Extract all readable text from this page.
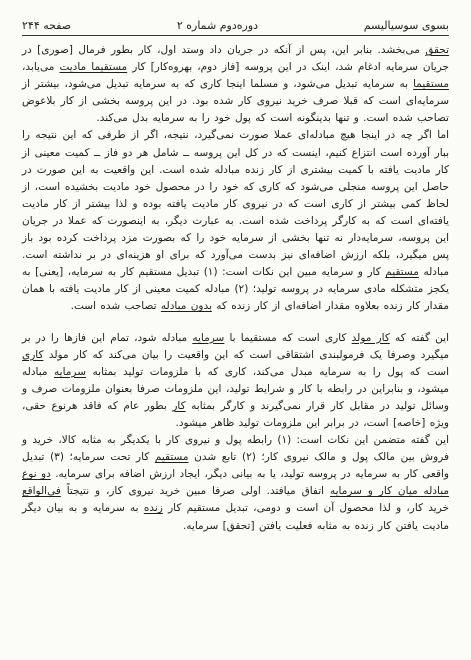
بسوی سوسیالیسم
دوره‌دوم شماره ۲
صفحه ۲۴۴

تحقق می‌بخشد. بنابر این، پس از آنکه در جریان داد وستد اول، کار بطور فرمال [صوری] در جریان سرمایه ادغام شد، اینک در این پروسه [فاز دوم، بهرو‌ه‌کار] کار مستقیما مادیت می‌یابد، مستقیما به سرمایه تبدیل می‌شود، و مسلما اینجا کاری که به سرمایه تبدیل می‌شود، بیشتر از سرمایه‌ای است که قبلا صرف خرید نیروی کار شده بود. در این پروسه بخشی از کار بلاعوض تصاحب شده است. و تنها بدینگونه است که پول خود را به سرمایه بدل می‌کند.

اما اگر چه در اینجا هیچ مبادله‌ای عملا صورت نمی‌گیرد، نتیجه، اگر از طرفی که این نتیجه را ببار آورده است انتزاع کنیم، اینست که در کل این پروسه ــ شامل هر دو فاز ــ کمیت معینی از کار مادیت یافته با کمیت بیشتری از کار زنده مبادله شده است. این واقعیت به این صورت در حاصل این پروسه منجلی می‌شود که کاری که خود را در محصول خود مادیت بخشیده است، از لحاظ کمی بیشتر از کاری است که در نیروی کار مادیت یافته بوده و لذا بیشتر از کار مادیت یافته‌ای است که به کارگر پرداخت شده است. به عبارت دیگر، به اینصورت که عملا در جریان این پروسه، سرمایه‌دار نه تنها بخشی از سرمایه خود را که بصورت مزد پرداخت کرده بود باز پس میگیرد، بلکه ارزش اضافه‌ای نیز بدست می‌آورد که برای او هزینه‌ای در بر نداشته است. مبادله مستقیم کار و سرمایه مبین این نکات است: (۱) تبدیل مستقیم کار به سرمایه، [یعنی] به یکجز متشکله مادی سرمایه در پروسه تولید؛ (۲) مبادله کمیت معینی از کار مادیت یافته با همان مقدار کار زنده بعلاوه مقدار اضافه‌ای از کار زنده که بدون مبادله تصاحب شده است.

این گفته که کار مولد کاری است که مستقیما با سرمایه مبادله شود، تمام این فازها را در بر میگیرد وصرفا یک فرمولبندی اشتقاقی است که این واقعیت را بیان می‌کند که کار مولد کاری است که پول را به سرمایه مبدل می‌کند، کاری که با ملزومات تولید بمثابه سرمایه مبادله میشود، و بنابراین در رابطه با کار و شرایط تولید، این ملزومات صرفا بعنوان ملزومات صرف و وسائل تولید در مقابل کار قرار نمی‌گیرند و کارگر بمثابه کار بطور عام که فاقد هرنوع حقی، ویژه [خاصه] است، در برابر این ملزومات تولید ظاهر میشود.

این گفته متضمن این نکات است: (۱) رابطه پول و نیروی کار با یکدیگر به مثابه کالا، خرید و فروش بین مالک پول و مالک نیروی کار؛ (۲) تابع شدن مستقیم کار تحت سرمایه؛ (۳) تبدیل واقعی کار به سرمایه در پروسه تولید، یا به بیانی دیگر، ایجاد ارزش اضافه برای سرمایه. دو نوع مبادله میان کار و سرمایه اتفاق میافتد. اولی صرفا مبین خرید نیروی کار، و نتیجتاً فی‌الواقع خرید کار، و لذا محصول آن است و دومی، تبدیل مستقیم کار زنده به سرمایه و به بیان دیگر مادیت یافتن کار زنده به مثابه فعلیت یافتن [تحقق] سرمایه.
